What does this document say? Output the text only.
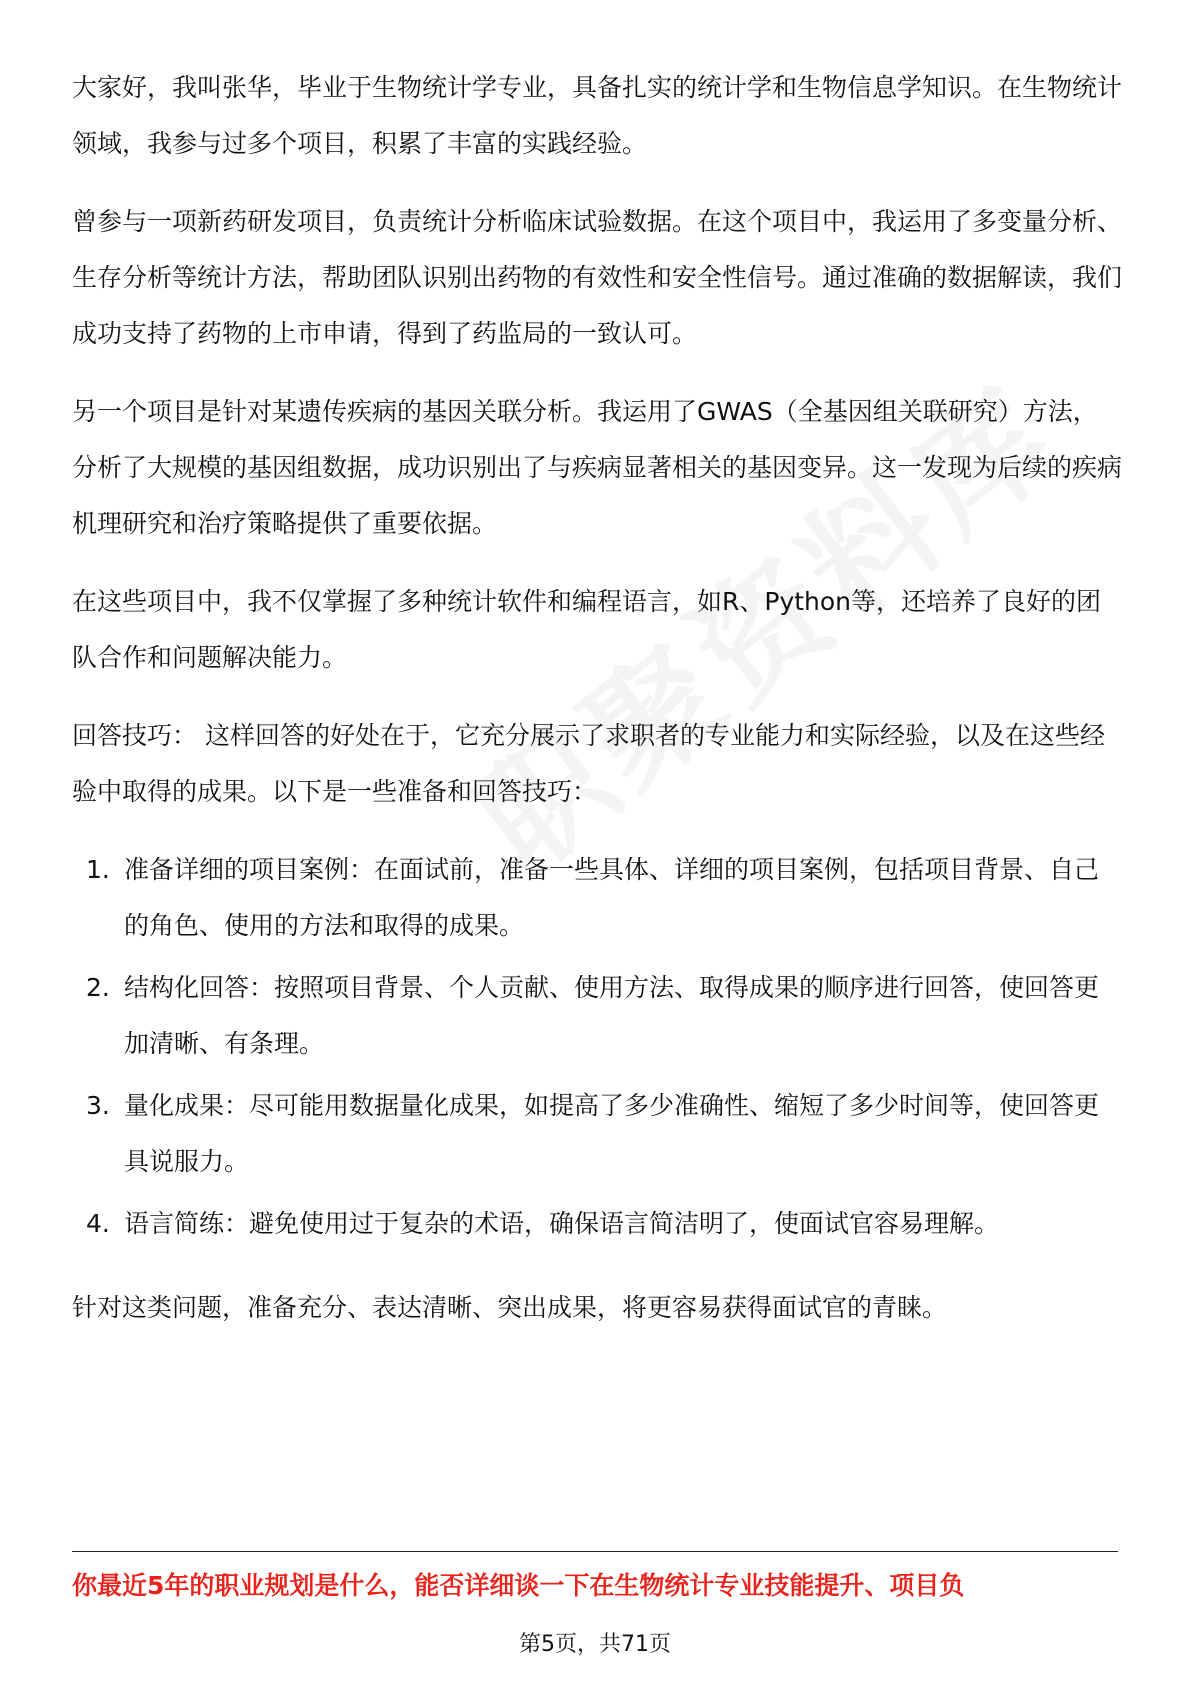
大家好，我叫张华，毕业于生物统计学专业，具备扎实的统计学和生物信息学知识。在生物统计领域，我参与过多个项目，积累了丰富的实践经验。

曾参与一项新药研发项目，负责统计分析临床试验数据。在这个项目中，我运用了多变量分析、生存分析等统计方法，帮助团队识别出药物的有效性和安全性信号。通过准确的数据解读，我们成功支持了药物的上市申请，得到了药监局的一致认可。

另一个项目是针对某遗传疾病的基因关联分析。我运用了GWAS（全基因组关联研究）方法，分析了大规模的基因组数据，成功识别出了与疾病显著相关的基因变异。这一发现为后续的疾病机理研究和治疗策略提供了重要依据。

在这些项目中，我不仅掌握了多种统计软件和编程语言，如R、Python等，还培养了良好的团队合作和问题解决能力。

回答技巧： 这样回答的好处在于，它充分展示了求职者的专业能力和实际经验，以及在这些经验中取得的成果。以下是一些准备和回答技巧：

1. 准备详细的项目案例：在面试前，准备一些具体、详细的项目案例，包括项目背景、自己的角色、使用的方法和取得的成果。
2. 结构化回答：按照项目背景、个人贡献、使用方法、取得成果的顺序进行回答，使回答更加清晰、有条理。
3. 量化成果：尽可能用数据量化成果，如提高了多少准确性、缩短了多少时间等，使回答更具说服力。
4. 语言简练：避免使用过于复杂的术语，确保语言简洁明了，使面试官容易理解。

针对这类问题，准备充分、表达清晰、突出成果，将更容易获得面试官的青睐。

你最近5年的职业规划是什么，能否详细谈一下在生物统计专业技能提升、项目负
第5页，共71页
